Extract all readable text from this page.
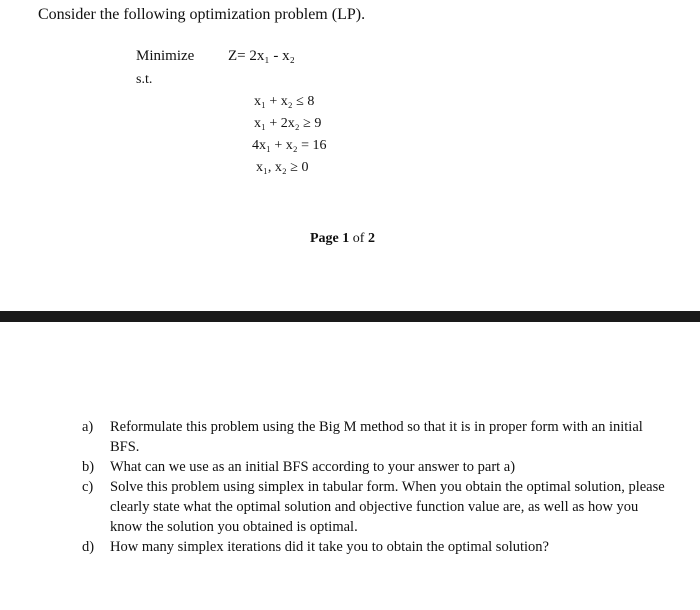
Consider the following optimization problem (LP).
Minimize Z= 2x₁ - x₂
s.t.
x₁ + x₂ ≤ 8
x₁ + 2x₂ ≥ 9
4x₁ + x₂ = 16
x₁, x₂ ≥ 0
Page 1 of 2
a)	Reformulate this problem using the Big M method so that it is in proper form with an initial BFS.
b)	What can we use as an initial BFS according to your answer to part a)
c)	Solve this problem using simplex in tabular form. When you obtain the optimal solution, please clearly state what the optimal solution and objective function value are, as well as how you know the solution you obtained is optimal.
d)	How many simplex iterations did it take you to obtain the optimal solution?
